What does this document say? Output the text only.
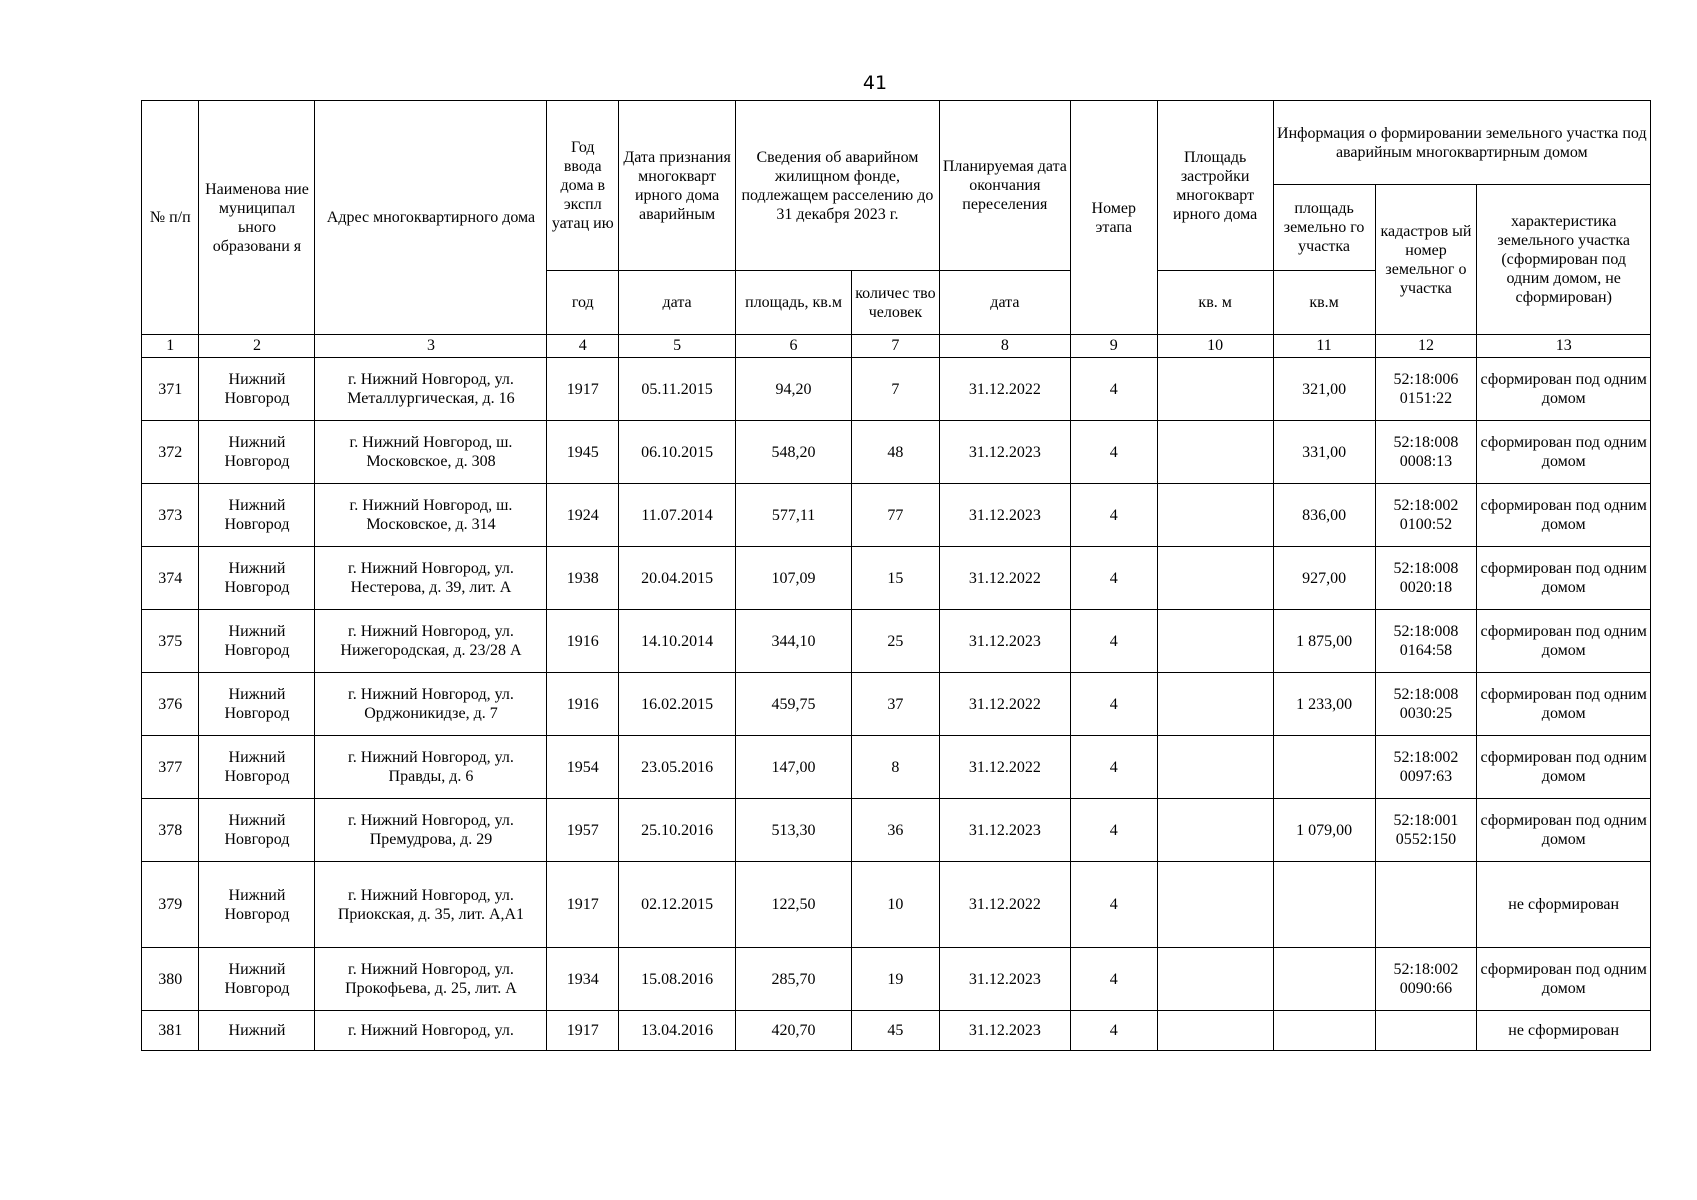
41
№ п/п	Наименова ние муниципал ьного образовани я	Адрес многоквартирного дома	Год ввода дома в экспл уатац ию	Дата признания многокварт ирного дома аварийным	Сведения об аварийном жилищном фонде, подлежащем расселению до 31 декабря 2023 г.		Планируемая дата окончания переселения	Номер этапа	Площадь застройки многокварт ирного дома	Информация о формировании земельного участка под аварийным многоквартирным домом		
										площадь земельно го участка	кадастров ый номер земельног о участка	характеристика земельного участка (сформирован под одним домом, не сформирован)
			год	дата	площадь, кв.м	количес тво человек	дата		кв. м	кв.м		
1	2	3	4	5	6	7	8	9	10	11	12	13
371	Нижний Новгород	г. Нижний Новгород, ул. Металлургическая, д. 16	1917	05.11.2015	94,20	7	31.12.2022	4		321,00	52:18:006 0151:22	сформирован под одним домом
372	Нижний Новгород	г. Нижний Новгород, ш. Московское, д. 308	1945	06.10.2015	548,20	48	31.12.2023	4		331,00	52:18:008 0008:13	сформирован под одним домом
373	Нижний Новгород	г. Нижний Новгород, ш. Московское, д. 314	1924	11.07.2014	577,11	77	31.12.2023	4		836,00	52:18:002 0100:52	сформирован под одним домом
374	Нижний Новгород	г. Нижний Новгород, ул. Нестерова, д. 39, лит. А	1938	20.04.2015	107,09	15	31.12.2022	4		927,00	52:18:008 0020:18	сформирован под одним домом
375	Нижний Новгород	г. Нижний Новгород, ул. Нижегородская, д. 23/28 А	1916	14.10.2014	344,10	25	31.12.2023	4		1 875,00	52:18:008 0164:58	сформирован под одним домом
376	Нижний Новгород	г. Нижний Новгород, ул. Орджоникидзе, д. 7	1916	16.02.2015	459,75	37	31.12.2022	4		1 233,00	52:18:008 0030:25	сформирован под одним домом
377	Нижний Новгород	г. Нижний Новгород, ул. Правды, д. 6	1954	23.05.2016	147,00	8	31.12.2022	4			52:18:002 0097:63	сформирован под одним домом
378	Нижний Новгород	г. Нижний Новгород, ул. Премудрова, д. 29	1957	25.10.2016	513,30	36	31.12.2023	4		1 079,00	52:18:001 0552:150	сформирован под одним домом
379	Нижний Новгород	г. Нижний Новгород, ул. Приокская, д. 35, лит. А,А1	1917	02.12.2015	122,50	10	31.12.2022	4				не сформирован
380	Нижний Новгород	г. Нижний Новгород, ул. Прокофьева, д. 25, лит. А	1934	15.08.2016	285,70	19	31.12.2023	4			52:18:002 0090:66	сформирован под одним домом
381	Нижний	г. Нижний Новгород, ул.	1917	13.04.2016	420,70	45	31.12.2023	4				не сформирован
